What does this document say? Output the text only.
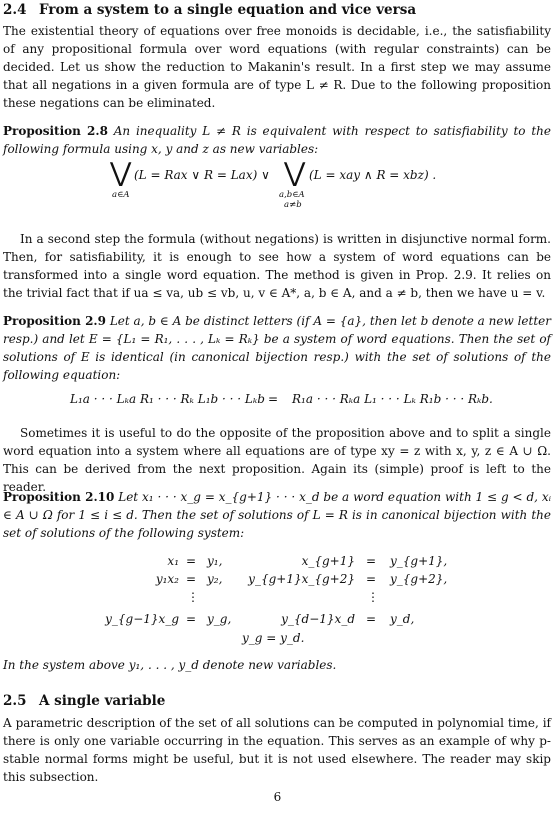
2.4 From a system to a single equation and vice versa
The existential theory of equations over free monoids is decidable, i.e., the satisfiability of any propositional formula over word equations (with regular constraints) can be decided. Let us show the reduction to Makanin's result. In a first step we may assume that all negations in a given formula are of type L ≠ R. Due to the following proposition these negations can be eliminated.
Proposition 2.8 An inequality L ≠ R is equivalent with respect to satisfiability to the following formula using x, y and z as new variables:
⋁ (L = Rax ∨ R = Lax) ∨
a∈A
⋁ (L = xay ∧ R = xbz) .
a,b∈A
a≠b
In a second step the formula (without negations) is written in disjunctive normal form. Then, for satisfiability, it is enough to see how a system of word equations can be transformed into a single word equation. The method is given in Prop. 2.9. It relies on the trivial fact that if ua ≤ va, ub ≤ vb, u, v ∈ A*, a, b ∈ A, and a ≠ b, then we have u = v.
Proposition 2.9 Let a, b ∈ A be distinct letters (if A = {a}, then let b denote a new letter resp.) and let E = {L₁ = R₁, . . . , Lₖ = Rₖ} be a system of word equations. Then the set of solutions of E is identical (in canonical bijection resp.) with the set of solutions of the following equation:
L₁a · · · Lₖa R₁ · · · Rₖ L₁b · · · Lₖb = R₁a · · · Rₖa L₁ · · · Lₖ R₁b · · · Rₖb.
Sometimes it is useful to do the opposite of the proposition above and to split a single word equation into a system where all equations are of type xy = z with x, y, z ∈ A ∪ Ω. This can be derived from the next proposition. Again its (simple) proof is left to the reader.
Proposition 2.10 Let x₁ · · · x_g = x_{g+1} · · · x_d be a word equation with 1 ≤ g < d, xᵢ ∈ A ∪ Ω for 1 ≤ i ≤ d. Then the set of solutions of L = R is in canonical bijection with the set of solutions of the following system:
x₁ = y₁,
y₁x₂ = y₂,
⋮
y_{g−1}x_g = y_g,
x_{g+1} = y_{g+1},
y_{g+1}x_{g+2} = y_{g+2},
⋮
y_{d−1}x_d = y_d,
y_g = y_d.
In the system above y₁, . . . , y_d denote new variables.
2.5 A single variable
A parametric description of the set of all solutions can be computed in polynomial time, if there is only one variable occurring in the equation. This serves as an example of why p-stable normal forms might be useful, but it is not used elsewhere. The reader may skip this subsection.
6
